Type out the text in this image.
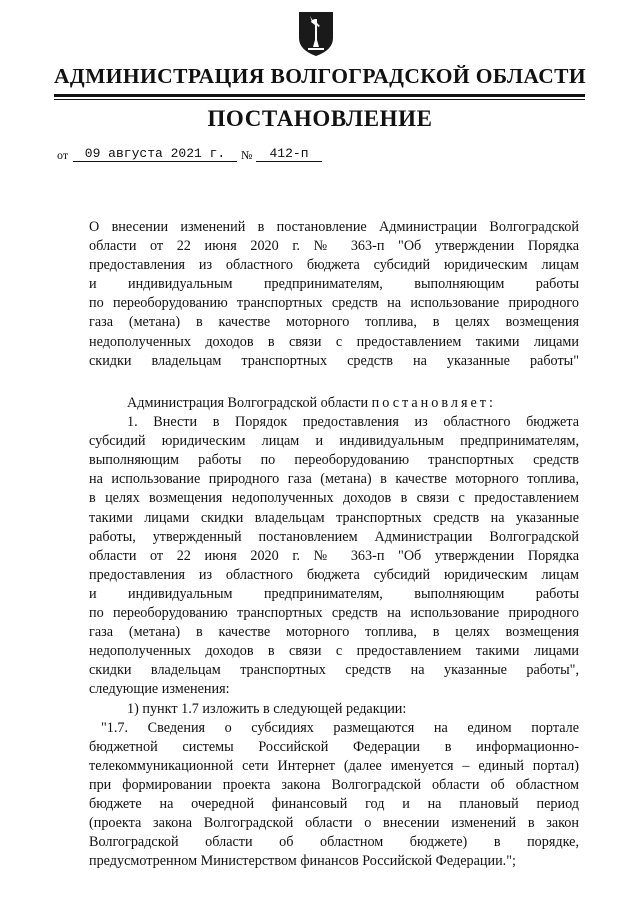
АДМИНИСТРАЦИЯ ВОЛГОГРАДСКОЙ ОБЛАСТИ
ПОСТАНОВЛЕНИЕ
от	09 августа 2021 г.	№	412-п
О внесении изменений в постановление Администрации Волгоградской
области от 22 июня 2020 г. № 363-п "Об утверждении Порядка
предоставления из областного бюджета субсидий юридическим лицам
и индивидуальным предпринимателям, выполняющим работы
по переоборудованию транспортных средств на использование природного
газа (метана) в качестве моторного топлива, в целях возмещения
недополученных доходов в связи с предоставлением такими лицами
скидки владельцам транспортных средств на указанные работы"
Администрация Волгоградской области постановляет:
1. Внести в Порядок предоставления из областного бюджета
субсидий юридическим лицам и индивидуальным предпринимателям,
выполняющим работы по переоборудованию транспортных средств
на использование природного газа (метана) в качестве моторного топлива,
в целях возмещения недополученных доходов в связи с предоставлением
такими лицами скидки владельцам транспортных средств на указанные
работы, утвержденный постановлением Администрации Волгоградской
области от 22 июня 2020 г. № 363-п "Об утверждении Порядка
предоставления из областного бюджета субсидий юридическим лицам
и индивидуальным предпринимателям, выполняющим работы
по переоборудованию транспортных средств на использование природного
газа (метана) в качестве моторного топлива, в целях возмещения
недополученных доходов в связи с предоставлением такими лицами
скидки владельцам транспортных средств на указанные работы",
следующие изменения:
1) пункт 1.7 изложить в следующей редакции:
"1.7. Сведения о субсидиях размещаются на едином портале
бюджетной системы Российской Федерации в информационно-
телекоммуникационной сети Интернет (далее именуется – единый портал)
при формировании проекта закона Волгоградской области об областном
бюджете на очередной финансовый год и на плановый период
(проекта закона Волгоградской области о внесении изменений в закон
Волгоградской области об областном бюджете) в порядке,
предусмотренном Министерством финансов Российской Федерации.";
